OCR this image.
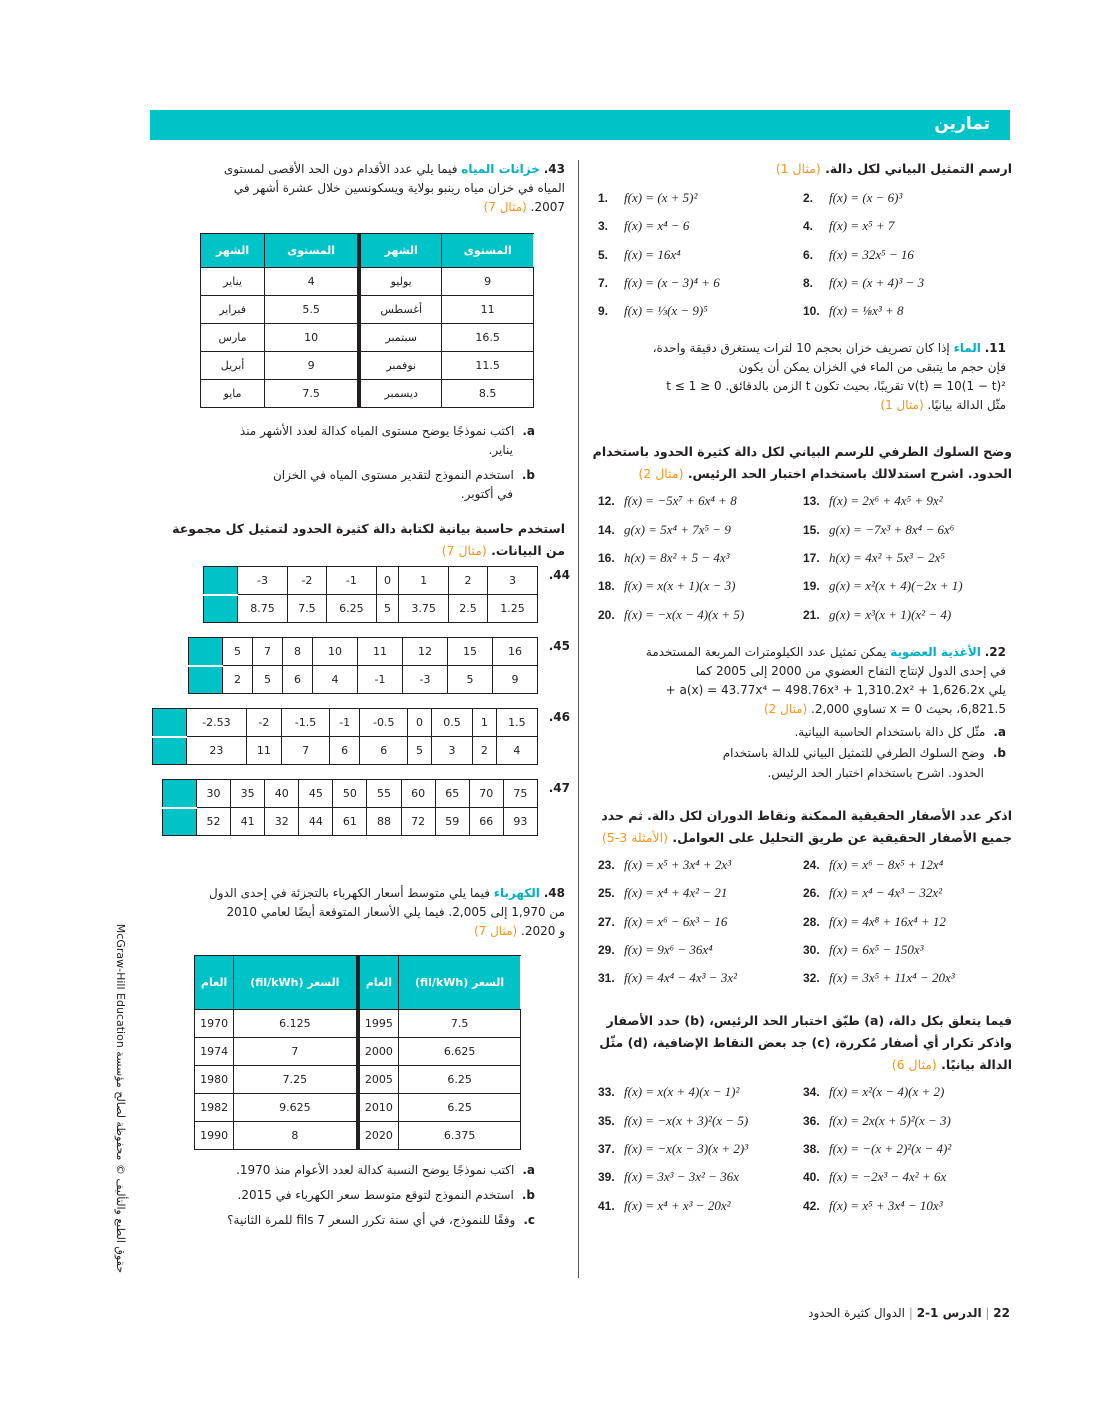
تمارين
ارسم التمثيل البياني لكل دالة. (مثال 1)
1. f(x) = (x + 5)²	2. f(x) = (x − 6)³
3. f(x) = x⁴ − 6	4. f(x) = x⁵ + 7
5. f(x) = 16x⁴	6. f(x) = 32x⁵ − 16
7. f(x) = (x − 3)⁴ + 6	8. f(x) = (x + 4)³ − 3
9. f(x) = ⅓(x − 9)⁵	10. f(x) = ⅛x³ + 8
11. الماء إذا كان تصريف خزان بحجم 10 لترات يستغرق دقيقة واحدة،
فإن حجم ما يتبقى من الماء في الخزان يمكن أن يكون
v(t) = 10(1 − t)² تقريبًا، بحيث تكون t الزمن بالدقائق. 0 ≤ t ≤ 1
مثّل الدالة بيانيًا. (مثال 1)
وضح السلوك الطرفي للرسم البياني لكل دالة كثيرة الحدود باستخدام
الحدود. اشرح استدلالك باستخدام اختبار الحد الرئيس. (مثال 2)
12. f(x) = −5x⁷ + 6x⁴ + 8	13. f(x) = 2x⁶ + 4x⁵ + 9x²
14. g(x) = 5x⁴ + 7x⁵ − 9	15. g(x) = −7x³ + 8x⁴ − 6x⁶
16. h(x) = 8x² + 5 − 4x³	17. h(x) = 4x² + 5x³ − 2x⁵
18. f(x) = x(x + 1)(x − 3)	19. g(x) = x²(x + 4)(−2x + 1)
20. f(x) = −x(x − 4)(x + 5)	21. g(x) = x³(x + 1)(x² − 4)
22. الأغذية العضوية يمكن تمثيل عدد الكيلومترات المربعة المستخدمة
في إحدى الدول لإنتاج التفاح العضوي من 2000 إلى 2005 كما
يلي a(x) = 43.77x⁴ − 498.76x³ + 1,310.2x² + 1,626.2x +
6,821.5، بحيث x = 0 تساوي 2,000. (مثال 2)
a.مثّل كل دالة باستخدام الحاسبة البيانية.
b.وضح السلوك الطرفي للتمثيل البياني للدالة باستخدام
الحدود. اشرح باستخدام اختبار الحد الرئيس.
اذكر عدد الأصفار الحقيقية الممكنة ونقاط الدوران لكل دالة. ثم حدد
جميع الأصفار الحقيقية عن طريق التحليل على العوامل. (الأمثلة 3-5)
23. f(x) = x⁵ + 3x⁴ + 2x³	24. f(x) = x⁶ − 8x⁵ + 12x⁴
25. f(x) = x⁴ + 4x² − 21	26. f(x) = x⁴ − 4x³ − 32x²
27. f(x) = x⁶ − 6x³ − 16	28. f(x) = 4x⁸ + 16x⁴ + 12
29. f(x) = 9x⁶ − 36x⁴	30. f(x) = 6x⁵ − 150x³
31. f(x) = 4x⁴ − 4x³ − 3x²	32. f(x) = 3x⁵ + 11x⁴ − 20x³
فيما يتعلق بكل دالة، (a) طبّق اختبار الحد الرئيس، (b) حدد الأصفار
واذكر تكرار أي أصفار مُكررة، (c) جد بعض النقاط الإضافية، (d) مثّل
الدالة بيانيًا. (مثال 6)
33. f(x) = x(x + 4)(x − 1)²	34. f(x) = x²(x − 4)(x + 2)
35. f(x) = −x(x + 3)²(x − 5)	36. f(x) = 2x(x + 5)²(x − 3)
37. f(x) = −x(x − 3)(x + 2)³	38. f(x) = −(x + 2)²(x − 4)²
39. f(x) = 3x³ − 3x² − 36x	40. f(x) = −2x³ − 4x² + 6x
41. f(x) = x⁴ + x³ − 20x²	42. f(x) = x⁵ + 3x⁴ − 10x³
43. خزانات المياه فيما يلي عدد الأقدام دون الحد الأقصى لمستوى
المياه في خزان مياه رينبو بولاية ويسكونسين خلال عشرة أشهر في
2007. (مثال 7)
المستوى	الشهر	المستوى	الشهر
9	يوليو	4	يناير
11	أغسطس	5.5	فبراير
16.5	سبتمبر	10	مارس
11.5	نوفمبر	9	أبريل
8.5	ديسمبر	7.5	مايو
a.اكتب نموذجًا يوضح مستوى المياه كدالة لعدد الأشهر منذ
يناير.
b.استخدم النموذج لتقدير مستوى المياه في الخزان
في أكتوبر.
استخدم حاسبة بيانية لكتابة دالة كثيرة الحدود لتمثيل كل مجموعة
من البيانات. (مثال 7)
	-3	-2	-1	0	1	2	3
	8.75	7.5	6.25	5	3.75	2.5	1.25
.44
	5	7	8	10	11	12	15	16
	2	5	6	4	-1	-3	5	9
.45
	-2.53	-2	-1.5	-1	-0.5	0	0.5	1	1.5
	23	11	7	6	6	5	3	2	4
.46
	30	35	40	45	50	55	60	65	70	75
	52	41	32	44	61	88	72	59	66	93
.47
48. الكهرباء فيما يلي متوسط أسعار الكهرباء بالتجزئة في إحدى الدول
من 1,970 إلى 2,005. فيما يلي الأسعار المتوقعة أيضًا لعامي 2010
و 2020. (مثال 7)
السعر (fil/kWh)	العام	السعر (fil/kWh)	العام
7.5	1995	6.125	1970
6.625	2000	7	1974
6.25	2005	7.25	1980
6.25	2010	9.625	1982
6.375	2020	8	1990
a.اكتب نموذجًا يوضح النسبة كدالة لعدد الأعوام منذ 1970.
b.استخدم النموذج لتوقع متوسط سعر الكهرباء في 2015.
c.وفقًا للنموذج، في أي سنة تكرر السعر 7 fils للمرة الثانية؟
حقوق الطبع والتأليف © محفوظة لصالح مؤسسة McGraw-Hill Education
22 | الدرس 1-2 | الدوال كثيرة الحدود
